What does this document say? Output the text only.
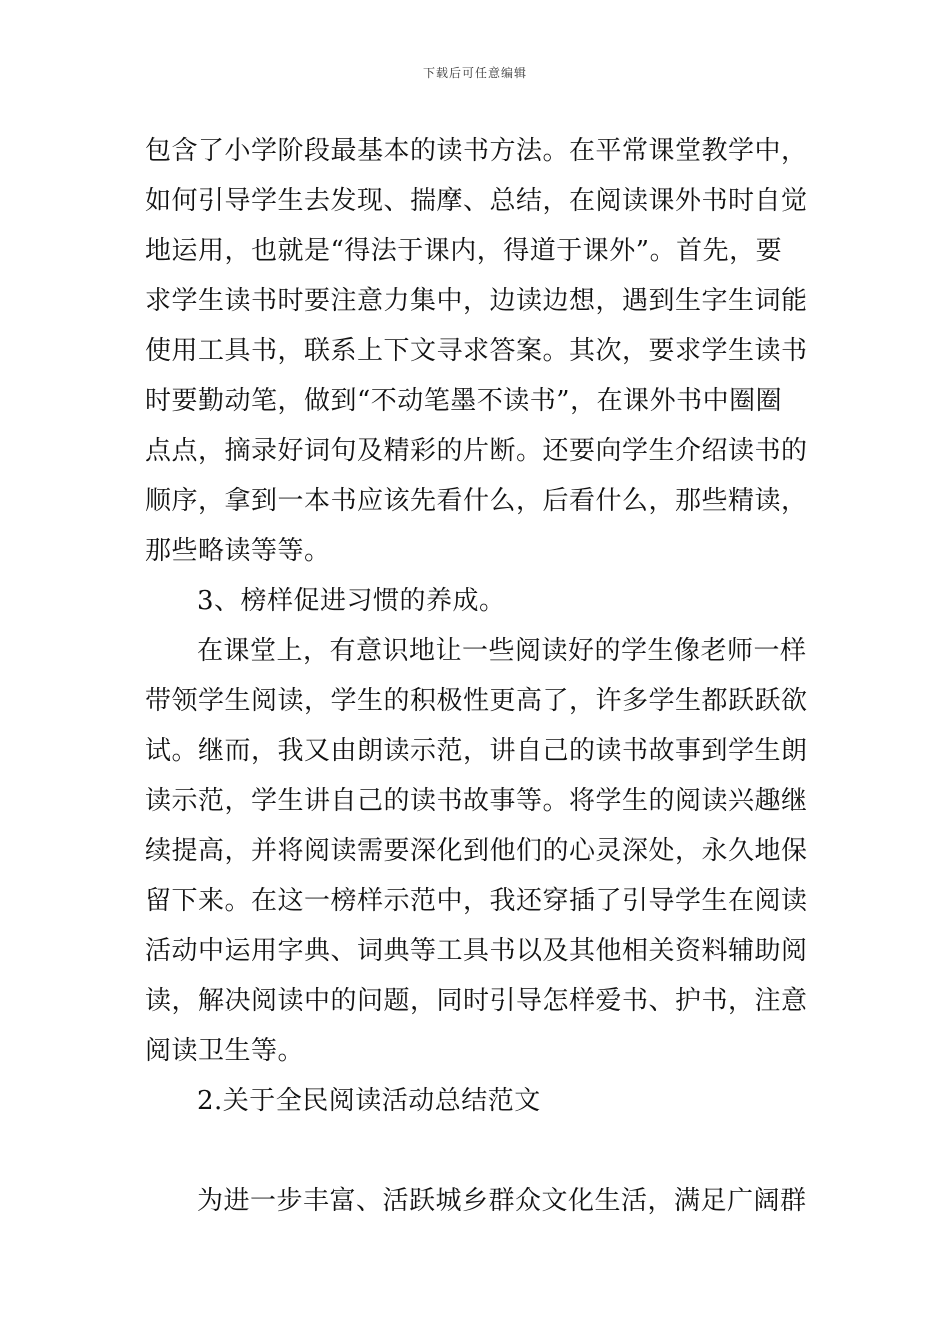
下载后可任意编辑
包含了小学阶段最基本的读书方法。在平常课堂教学中，
如何引导学生去发现、揣摩、总结，在阅读课外书时自觉
地运用，也就是“得法于课内，得道于课外”。首先，要
求学生读书时要注意力集中，边读边想，遇到生字生词能
使用工具书，联系上下文寻求答案。其次，要求学生读书
时要勤动笔，做到“不动笔墨不读书”，在课外书中圈圈
点点，摘录好词句及精彩的片断。还要向学生介绍读书的
顺序，拿到一本书应该先看什么，后看什么，那些精读，
那些略读等等。
3、榜样促进习惯的养成。
在课堂上，有意识地让一些阅读好的学生像老师一样
带领学生阅读，学生的积极性更高了，许多学生都跃跃欲
试。继而，我又由朗读示范，讲自己的读书故事到学生朗
读示范，学生讲自己的读书故事等。将学生的阅读兴趣继
续提高，并将阅读需要深化到他们的心灵深处，永久地保
留下来。在这一榜样示范中，我还穿插了引导学生在阅读
活动中运用字典、词典等工具书以及其他相关资料辅助阅
读，解决阅读中的问题，同时引导怎样爱书、护书，注意
阅读卫生等。
2.关于全民阅读活动总结范文
为进一步丰富、活跃城乡群众文化生活，满足广阔群
